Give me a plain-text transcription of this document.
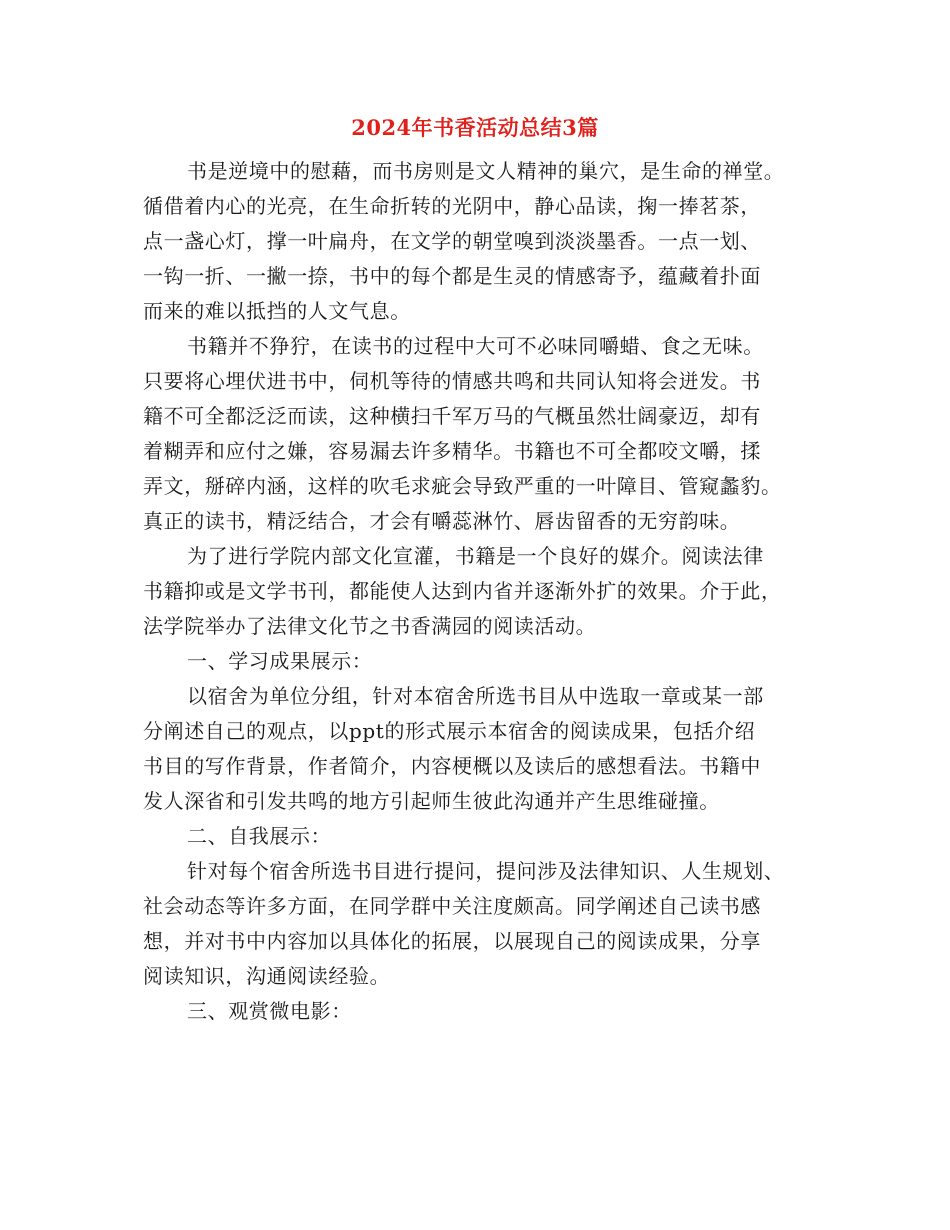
2024年书香活动总结3篇
书是逆境中的慰藉，而书房则是文人精神的巢穴，是生命的禅堂。
循借着内心的光亮，在生命折转的光阴中，静心品读，掬一捧茗茶，
点一盏心灯，撑一叶扁舟，在文学的朝堂嗅到淡淡墨香。一点一划、
一钩一折、一撇一捺，书中的每个都是生灵的情感寄予，蕴藏着扑面
而来的难以抵挡的人文气息。
书籍并不狰狞，在读书的过程中大可不必味同嚼蜡、食之无味。
只要将心埋伏进书中，伺机等待的情感共鸣和共同认知将会迸发。书
籍不可全都泛泛而读，这种横扫千军万马的气概虽然壮阔豪迈，却有
着糊弄和应付之嫌，容易漏去许多精华。书籍也不可全都咬文嚼，揉
弄文，掰碎内涵，这样的吹毛求疵会导致严重的一叶障目、管窥蠡豹。
真正的读书，精泛结合，才会有嚼蕊淋竹、唇齿留香的无穷韵味。
为了进行学院内部文化宣灌，书籍是一个良好的媒介。阅读法律
书籍抑或是文学书刊，都能使人达到内省并逐渐外扩的效果。介于此，
法学院举办了法律文化节之书香满园的阅读活动。
一、学习成果展示：
以宿舍为单位分组，针对本宿舍所选书目从中选取一章或某一部
分阐述自己的观点，以ppt的形式展示本宿舍的阅读成果，包括介绍
书目的写作背景，作者简介，内容梗概以及读后的感想看法。书籍中
发人深省和引发共鸣的地方引起师生彼此沟通并产生思维碰撞。
二、自我展示：
针对每个宿舍所选书目进行提问，提问涉及法律知识、人生规划、
社会动态等许多方面，在同学群中关注度颇高。同学阐述自己读书感
想，并对书中内容加以具体化的拓展，以展现自己的阅读成果，分享
阅读知识，沟通阅读经验。
三、观赏微电影：
